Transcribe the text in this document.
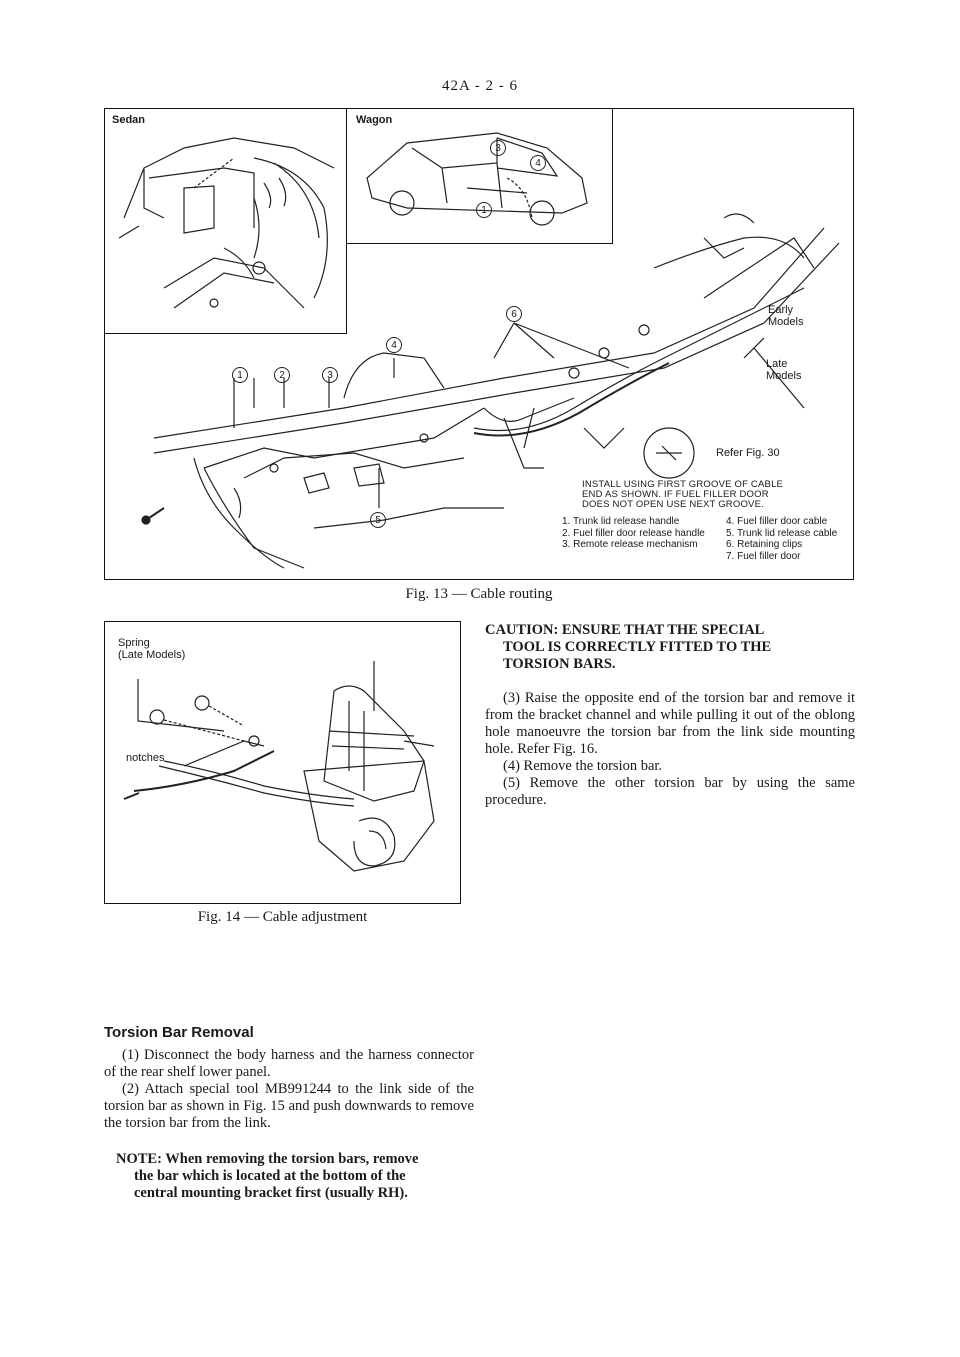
42A - 2 - 6
Sedan	Wagon
3
4
1
1	2	3
4
5
6	Early
Models
Late
Models
Refer Fig. 30
INSTALL USING FIRST GROOVE OF CABLE
END AS SHOWN. IF FUEL FILLER DOOR
DOES NOT OPEN USE NEXT GROOVE.
1. Trunk lid release handle
2. Fuel filler door release handle
3. Remote release mechanism
4. Fuel filler door cable
5. Trunk lid release cable
6. Retaining clips
7. Fuel filler door
Fig. 13 — Cable routing
Spring
(Late Models)
notches
Fig. 14 — Cable adjustment
CAUTION: ENSURE THAT THE SPECIAL
TOOL IS CORRECTLY FITTED TO THE
TORSION BARS.
(3) Raise the opposite end of the torsion bar and remove it from the bracket channel and while pulling it out of the oblong hole manoeuvre the torsion bar from the link side mounting hole. Refer Fig. 16.
(4) Remove the torsion bar.
(5) Remove the other torsion bar by using the same procedure.
Torsion Bar Removal
(1) Disconnect the body harness and the harness connector of the rear shelf lower panel.
(2) Attach special tool MB991244 to the link side of the torsion bar as shown in Fig. 15 and push downwards to remove the torsion bar from the link.
NOTE: When removing the torsion bars, remove
the bar which is located at the bottom of the
central mounting bracket first (usually RH).
